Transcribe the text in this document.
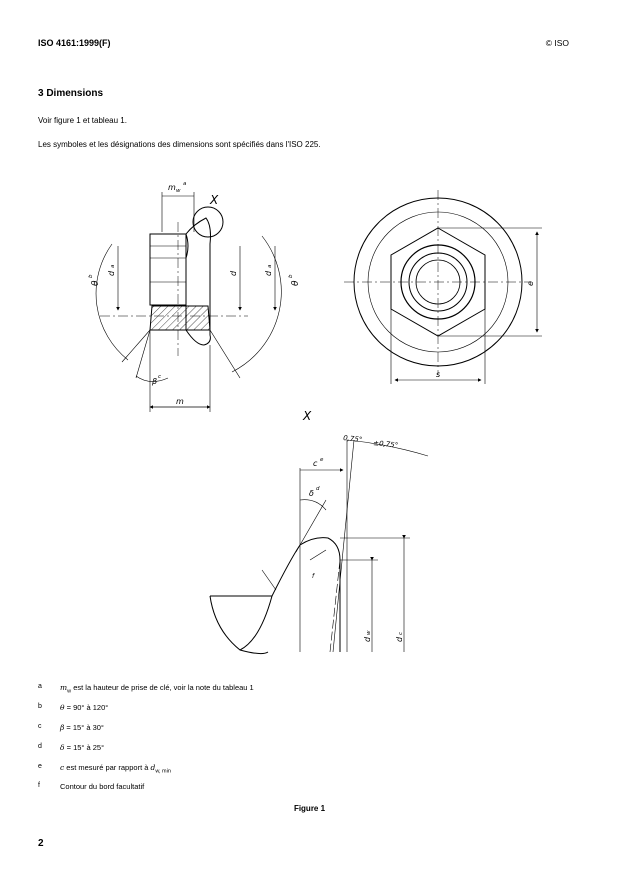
ISO 4161:1999(F)	© ISO
3 Dimensions
Voir figure 1 et tableau 1.
Les symboles et les désignations des dimensions sont spécifiés dans l'ISO 225.
X
m w
a
θ
b
θ
b
β c
d
a
d	d
a
m
s
e
X
0,75°
±0,75°
c e
δ d
f
d
w
d
c
a $m_w$ est la hauteur de prise de clé, voir la note du tableau 1
b θ = 90° à 120°
c β = 15° à 30°
d δ = 15° à 25°
e c est mesuré par rapport à $d_{w, min}$
f	Contour du bord facultatif
Figure 1
2
